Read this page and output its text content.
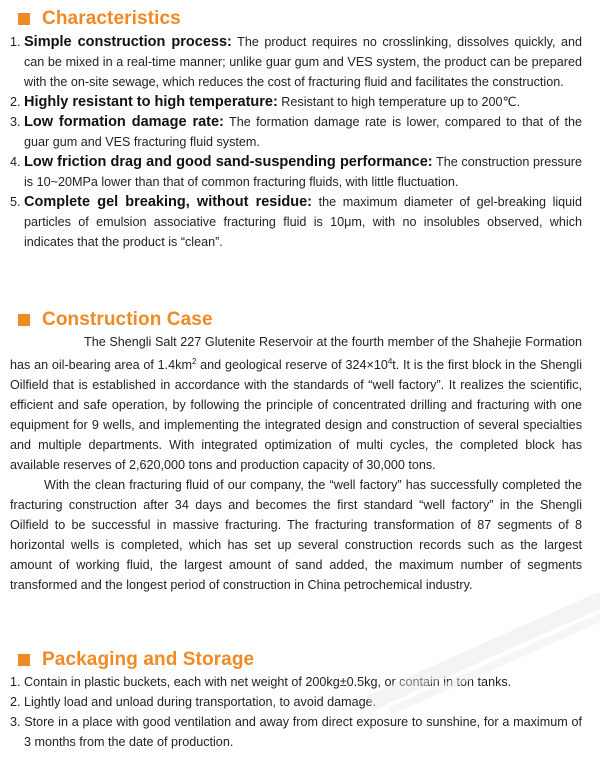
Characteristics

1. Simple construction process: The product requires no crosslinking, dissolves quickly, and can be mixed in a real-time manner; unlike guar gum and VES system, the product can be prepared with the on-site sewage, which reduces the cost of fracturing fluid and facilitates the construction.

2. Highly resistant to high temperature: Resistant to high temperature up to 200℃.

3. Low formation damage rate: The formation damage rate is lower, compared to that of the guar gum and VES fracturing fluid system.

4. Low friction drag and good sand-suspending performance: The construction pressure is 10~20MPa lower than that of common fracturing fluids, with little fluctuation.

5. Complete gel breaking, without residue: the maximum diameter of gel-breaking liquid particles of emulsion associative fracturing fluid is 10μm, with no insolubles observed, which indicates that the product is “clean”.

Construction Case

The Shengli Salt 227 Glutenite Reservoir at the fourth member of the Shahejie Formation has an oil-bearing area of $1.4km^2$ and geological reserve of $324\times 10^4t$. It is the first block in the Shengli Oilfield that is established in accordance with the standards of “well factory”. It realizes the scientific, efficient and safe operation, by following the principle of concentrated drilling and fracturing with one equipment for 9 wells, and implementing the integrated design and construction of several specialties and multiple departments. With integrated optimization of multi cycles, the completed block has available reserves of 2,620,000 tons and production capacity of 30,000 tons.

With the clean fracturing fluid of our company, the “well factory” has successfully completed the fracturing construction after 34 days and becomes the first standard “well factory” in the Shengli Oilfield to be successful in massive fracturing. The fracturing transformation of 87 segments of 8 horizontal wells is completed, which has set up several construction records such as the largest amount of working fluid, the largest amount of sand added, the maximum number of segments transformed and the longest period of construction in China petrochemical industry.

Packaging and Storage

1. Contain in plastic buckets, each with net weight of 200kg±0.5kg, or contain in ton tanks.

2. Lightly load and unload during transportation, to avoid damage.

3. Store in a place with good ventilation and away from direct exposure to sunshine, for a maximum of 3 months from the date of production.
